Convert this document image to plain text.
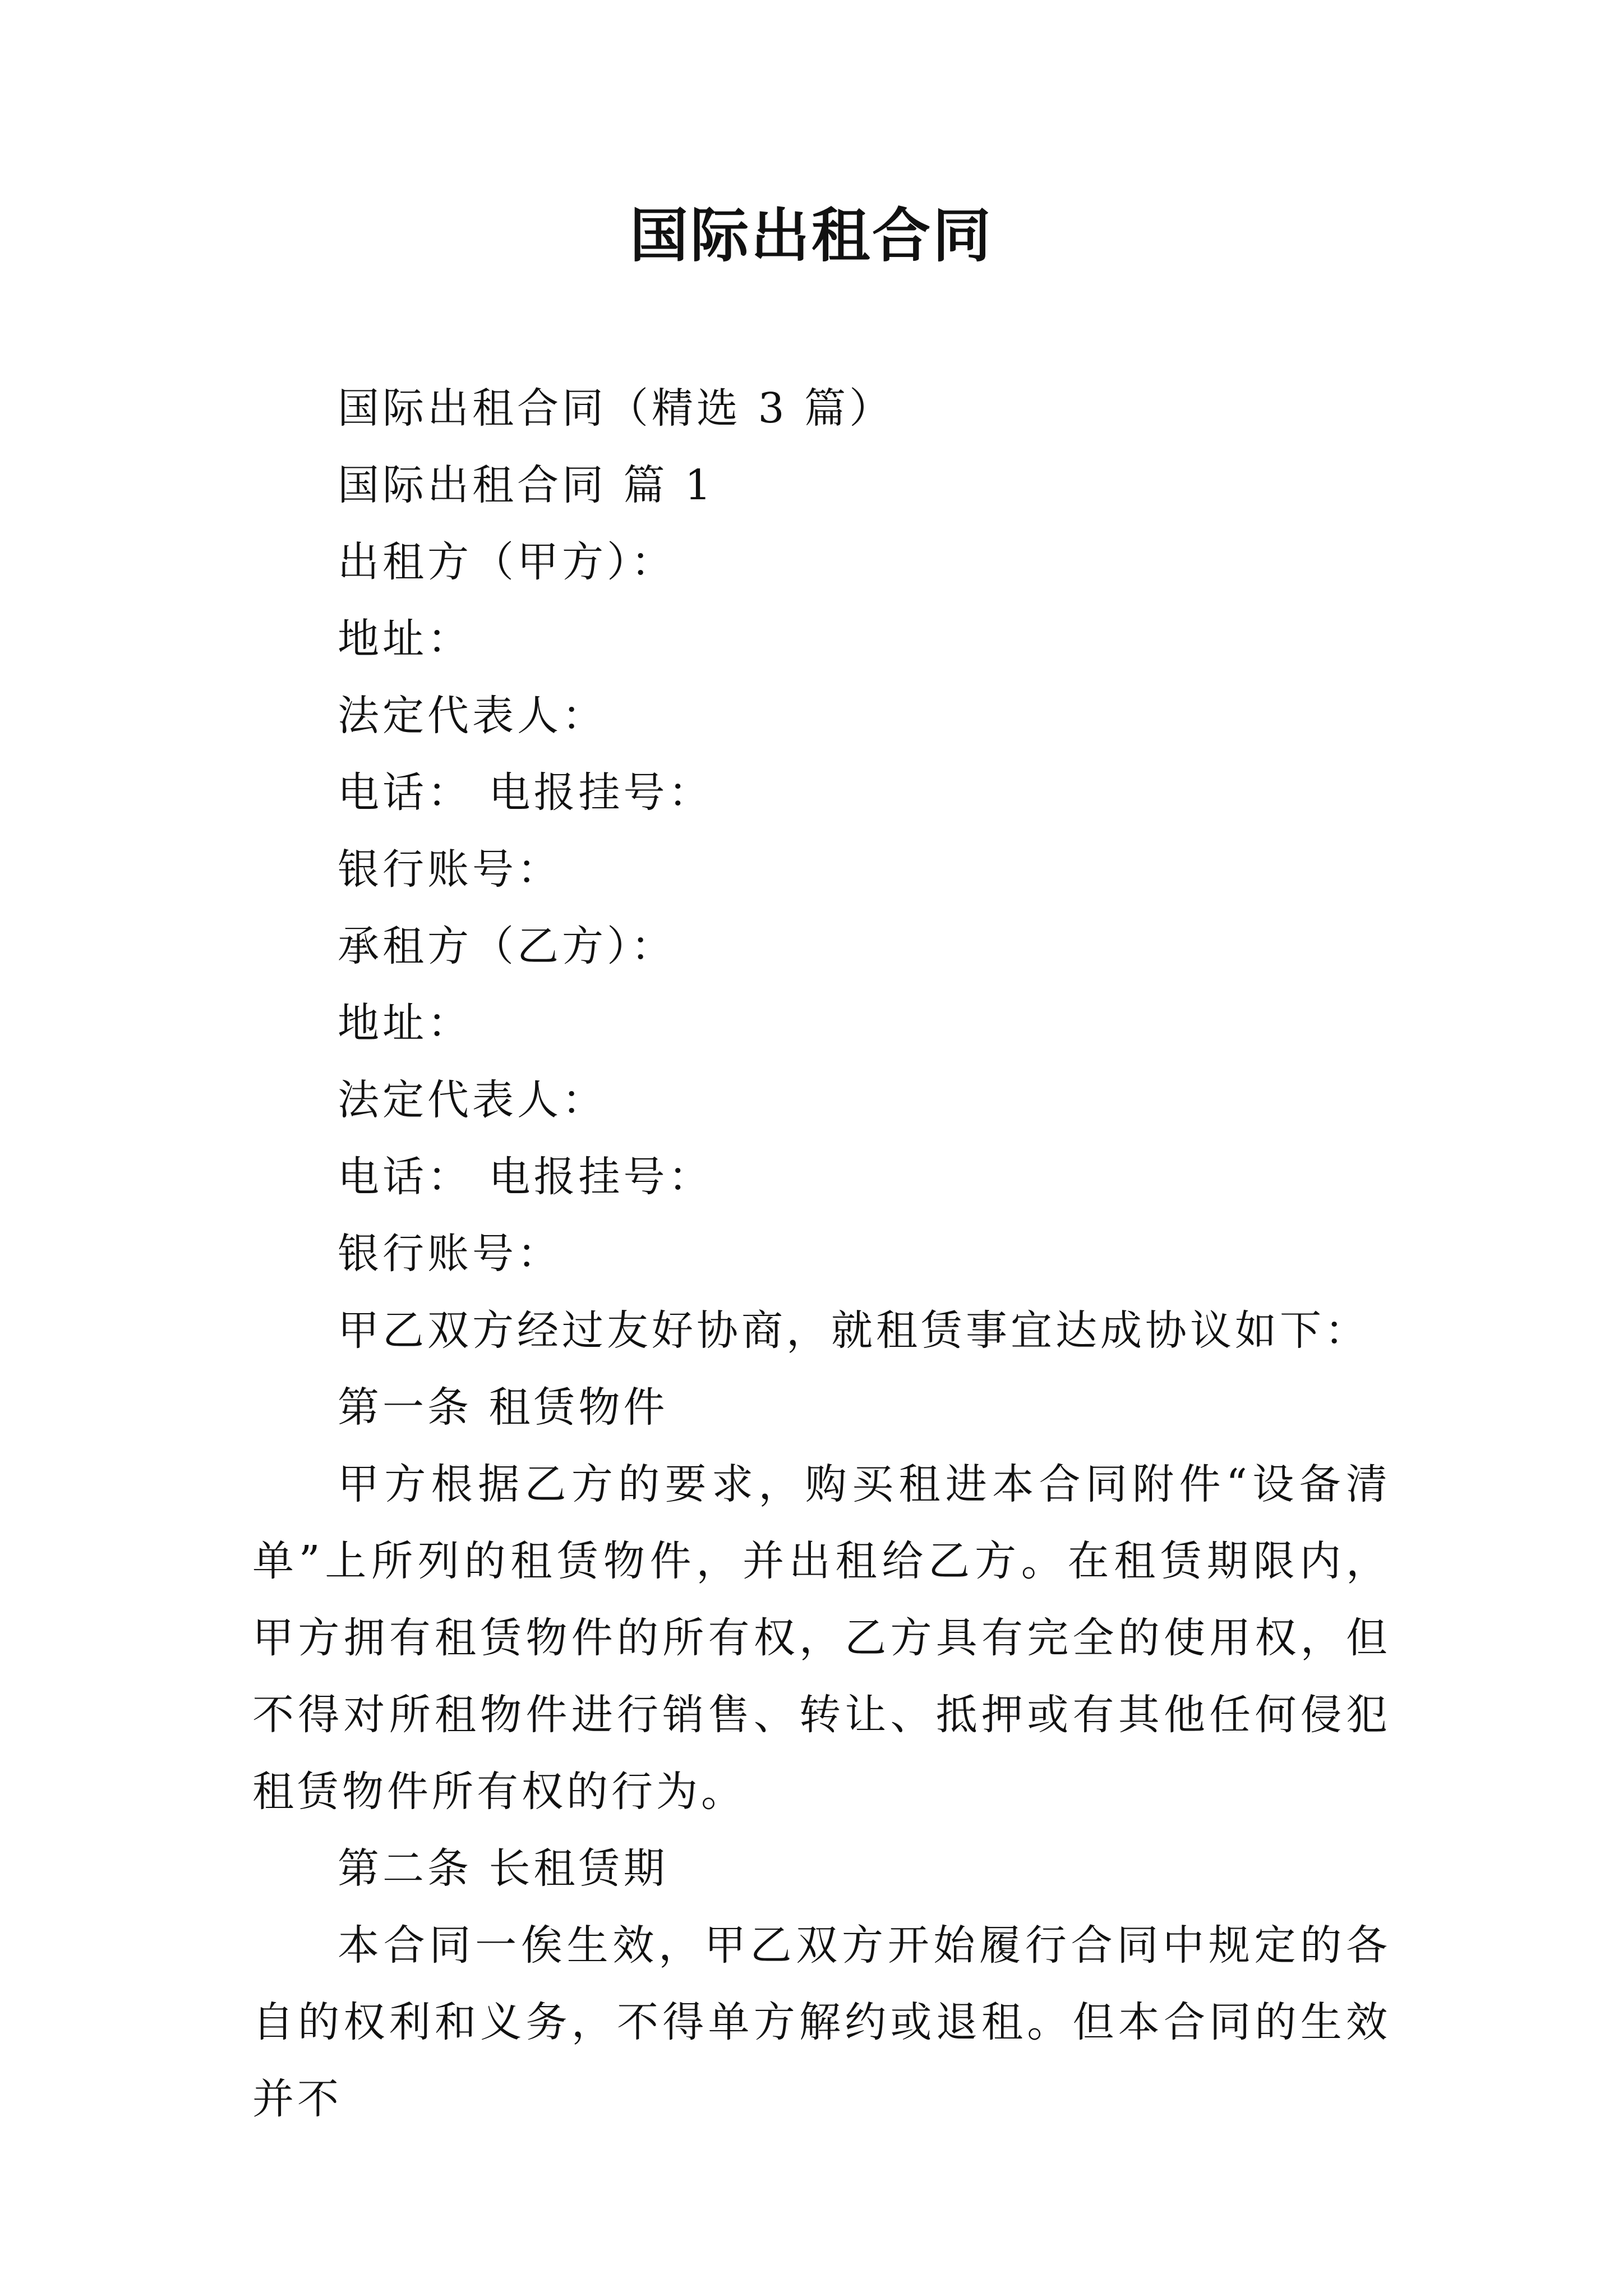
国际出租合同

国际出租合同（精选 3 篇）

国际出租合同 篇 1

出租方（甲方）：

地址：

法定代表人：

电话： 电报挂号：

银行账号：

承租方（乙方）：

地址：

法定代表人：

电话： 电报挂号：

银行账号：

甲乙双方经过友好协商，就租赁事宜达成协议如下：

第一条 租赁物件

甲方根据乙方的要求，购买租进本合同附件“设备清单”上所列的租赁物件，并出租给乙方。在租赁期限内，甲方拥有租赁物件的所有权，乙方具有完全的使用权，但不得对所租物件进行销售、转让、抵押或有其他任何侵犯租赁物件所有权的行为。

第二条 长租赁期

本合同一俟生效，甲乙双方开始履行合同中规定的各自的权利和义务，不得单方解约或退租。但本合同的生效并不
